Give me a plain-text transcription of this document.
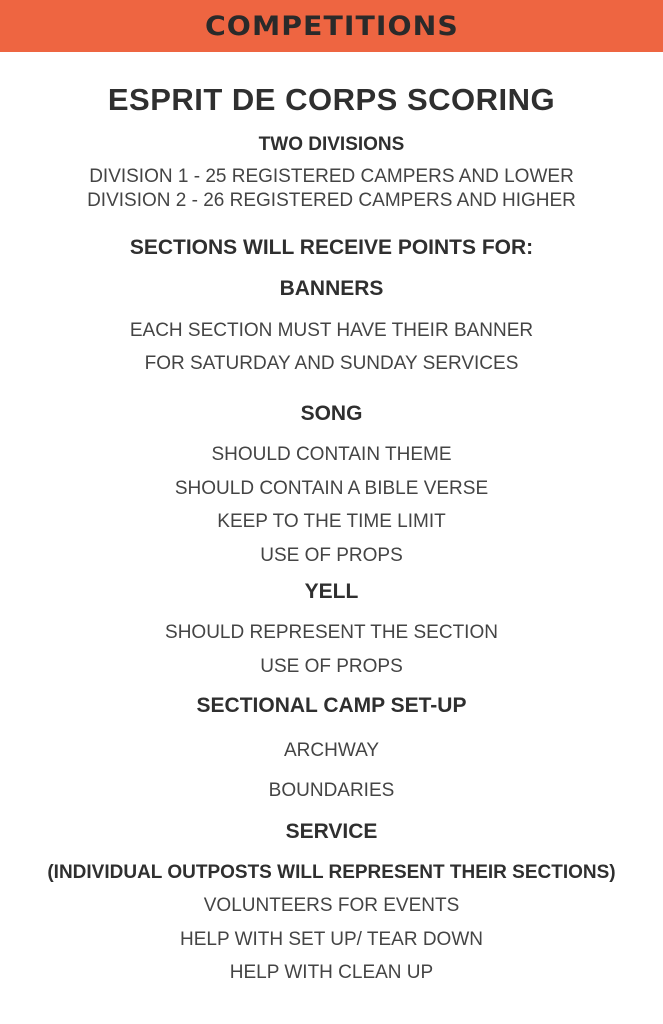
COMPETITIONS
ESPRIT DE CORPS SCORING
TWO DIVISIONS
DIVISION 1 - 25 REGISTERED CAMPERS AND LOWER
DIVISION 2 - 26 REGISTERED CAMPERS AND HIGHER
SECTIONS WILL RECEIVE POINTS FOR:
BANNERS
EACH SECTION MUST HAVE THEIR BANNER
FOR SATURDAY AND SUNDAY SERVICES
SONG
SHOULD CONTAIN THEME
SHOULD CONTAIN A BIBLE VERSE
KEEP TO THE TIME LIMIT
USE OF PROPS
YELL
SHOULD REPRESENT THE SECTION
USE OF PROPS
SECTIONAL CAMP SET-UP
ARCHWAY
BOUNDARIES
SERVICE
(INDIVIDUAL OUTPOSTS WILL REPRESENT THEIR SECTIONS)
VOLUNTEERS FOR EVENTS
HELP WITH SET UP/ TEAR DOWN
HELP WITH CLEAN UP
